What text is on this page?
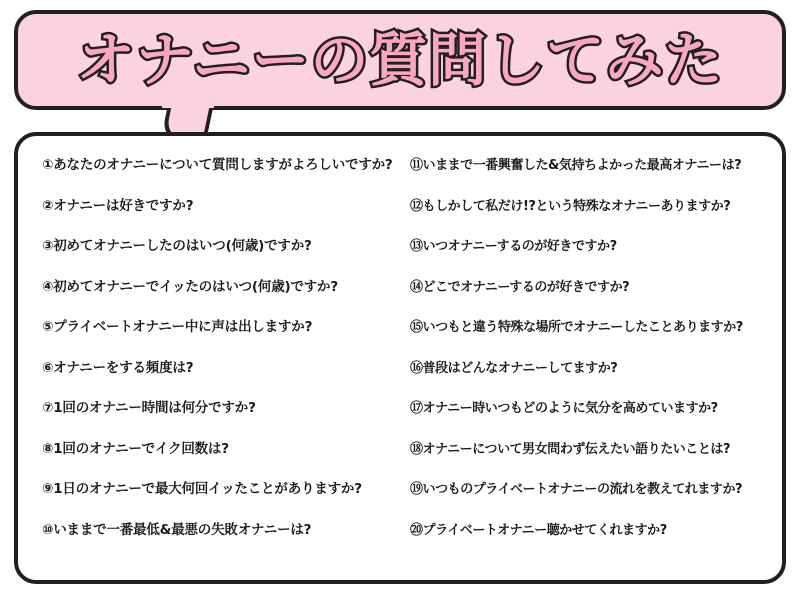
オナニーの質問してみた
①あなたのオナニーについて質問しますがよろしいですか?
②オナニーは好きですか?
③初めてオナニーしたのはいつ(何歳)ですか?
④初めてオナニーでイッたのはいつ(何歳)ですか?
⑤プライベートオナニー中に声は出しますか?
⑥オナニーをする頻度は?
⑦1回のオナニー時間は何分ですか?
⑧1回のオナニーでイク回数は?
⑨1日のオナニーで最大何回イッたことがありますか?
⑩いままで一番最低&最悪の失敗オナニーは?
⑪いままで一番興奮した&気持ちよかった最高オナニーは?
⑫もしかして私だけ!?という特殊なオナニーありますか?
⑬いつオナニーするのが好きですか?
⑭どこでオナニーするのが好きですか?
⑮いつもと違う特殊な場所でオナニーしたことありますか?
⑯普段はどんなオナニーしてますか?
⑰オナニー時いつもどのように気分を高めていますか?
⑱オナニーについて男女問わず伝えたい語りたいことは?
⑲いつものプライベートオナニーの流れを教えてれますか?
⑳プライベートオナニー聴かせてくれますか?
